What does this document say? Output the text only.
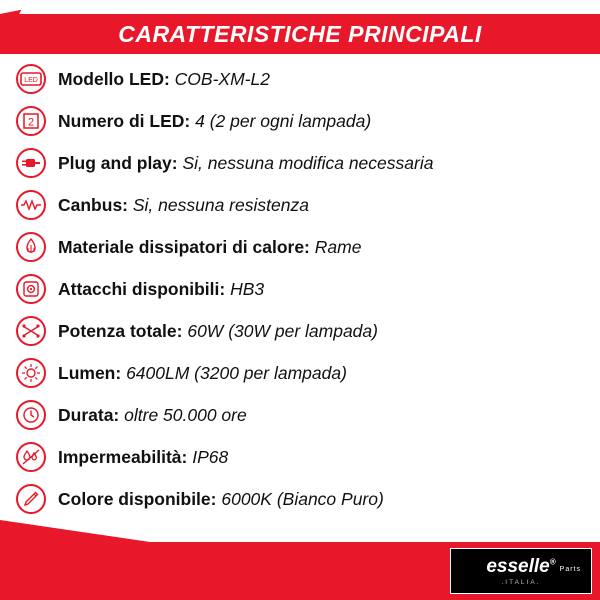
CARATTERISTICHE PRINCIPALI
LED Modello LED: COB-XM-L2
2 Numero di LED: 4 (2 per ogni lampada)
Plug and play: Si, nessuna modifica necessaria
Canbus: Si, nessuna resistenza
Materiale dissipatori di calore: Rame
Attacchi disponibili: HB3
Potenza totale: 60W (30W per lampada)
Lumen: 6400LM (3200 per lampada)
Durata: oltre 50.000 ore
Impermeabilità: IP68
Colore disponibile: 6000K (Bianco Puro)
esselle®
.ITALIA.
Parts
